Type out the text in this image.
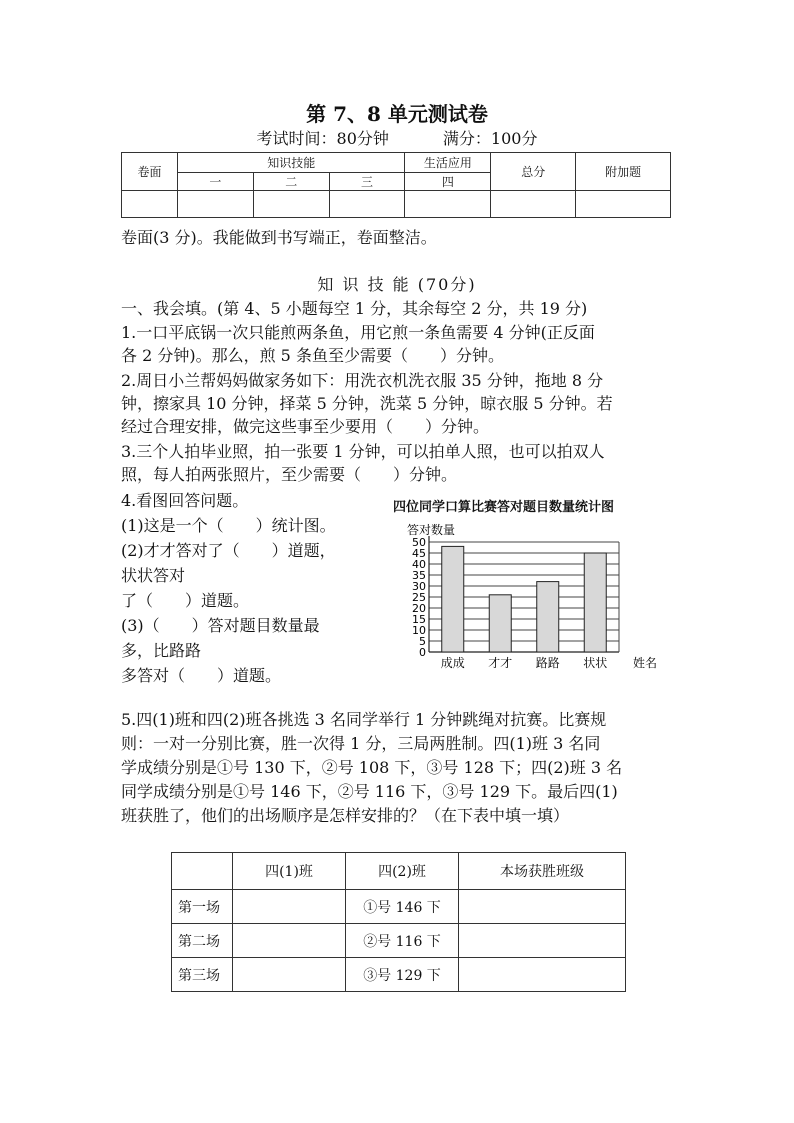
第 7、8 单元测试卷
考试时间：80分钟	满分：100分
卷面	知识技能			生活应用	总分	附加题
	一	二	三	四		

卷面(3 分)。我能做到书写端正，卷面整洁。
知 识 技 能 (70分)
一、我会填。(第 4、5 小题每空 1 分，其余每空 2 分，共 19 分)
1.一口平底锅一次只能煎两条鱼，用它煎一条鱼需要 4 分钟(正反面
各 2 分钟)。那么，煎 5 条鱼至少需要（　　）分钟。
2.周日小兰帮妈妈做家务如下：用洗衣机洗衣服 35 分钟，拖地 8 分
钟，擦家具 10 分钟，择菜 5 分钟，洗菜 5 分钟，晾衣服 5 分钟。若
经过合理安排，做完这些事至少要用（　　）分钟。
3.三个人拍毕业照，拍一张要 1 分钟，可以拍单人照，也可以拍双人
照，每人拍两张照片，至少需要（　　）分钟。
4.看图回答问题。
(1)这是一个（　　）统计图。
(2)才才答对了（　　）道题，
状状答对
了（　　）道题。
(3)（　　）答对题目数量最
多，比路路
多答对（　　）道题。
四位同学口算比赛答对题目数量统计图
0
5
10
15
20
25
30
35
40
45
50
答对数量
成成 才才 路路 状状 姓名
5.四(1)班和四(2)班各挑选 3 名同学举行 1 分钟跳绳对抗赛。比赛规
则：一对一分别比赛，胜一次得 1 分，三局两胜制。四(1)班 3 名同
学成绩分别是①号 130 下，②号 108 下，③号 128 下；四(2)班 3 名
同学成绩分别是①号 146 下，②号 116 下，③号 129 下。最后四(1)
班获胜了，他们的出场顺序是怎样安排的？（在下表中填一填）
	四(1)班	四(2)班	本场获胜班级
第一场		①号 146 下	
第二场		②号 116 下	
第三场		③号 129 下	
